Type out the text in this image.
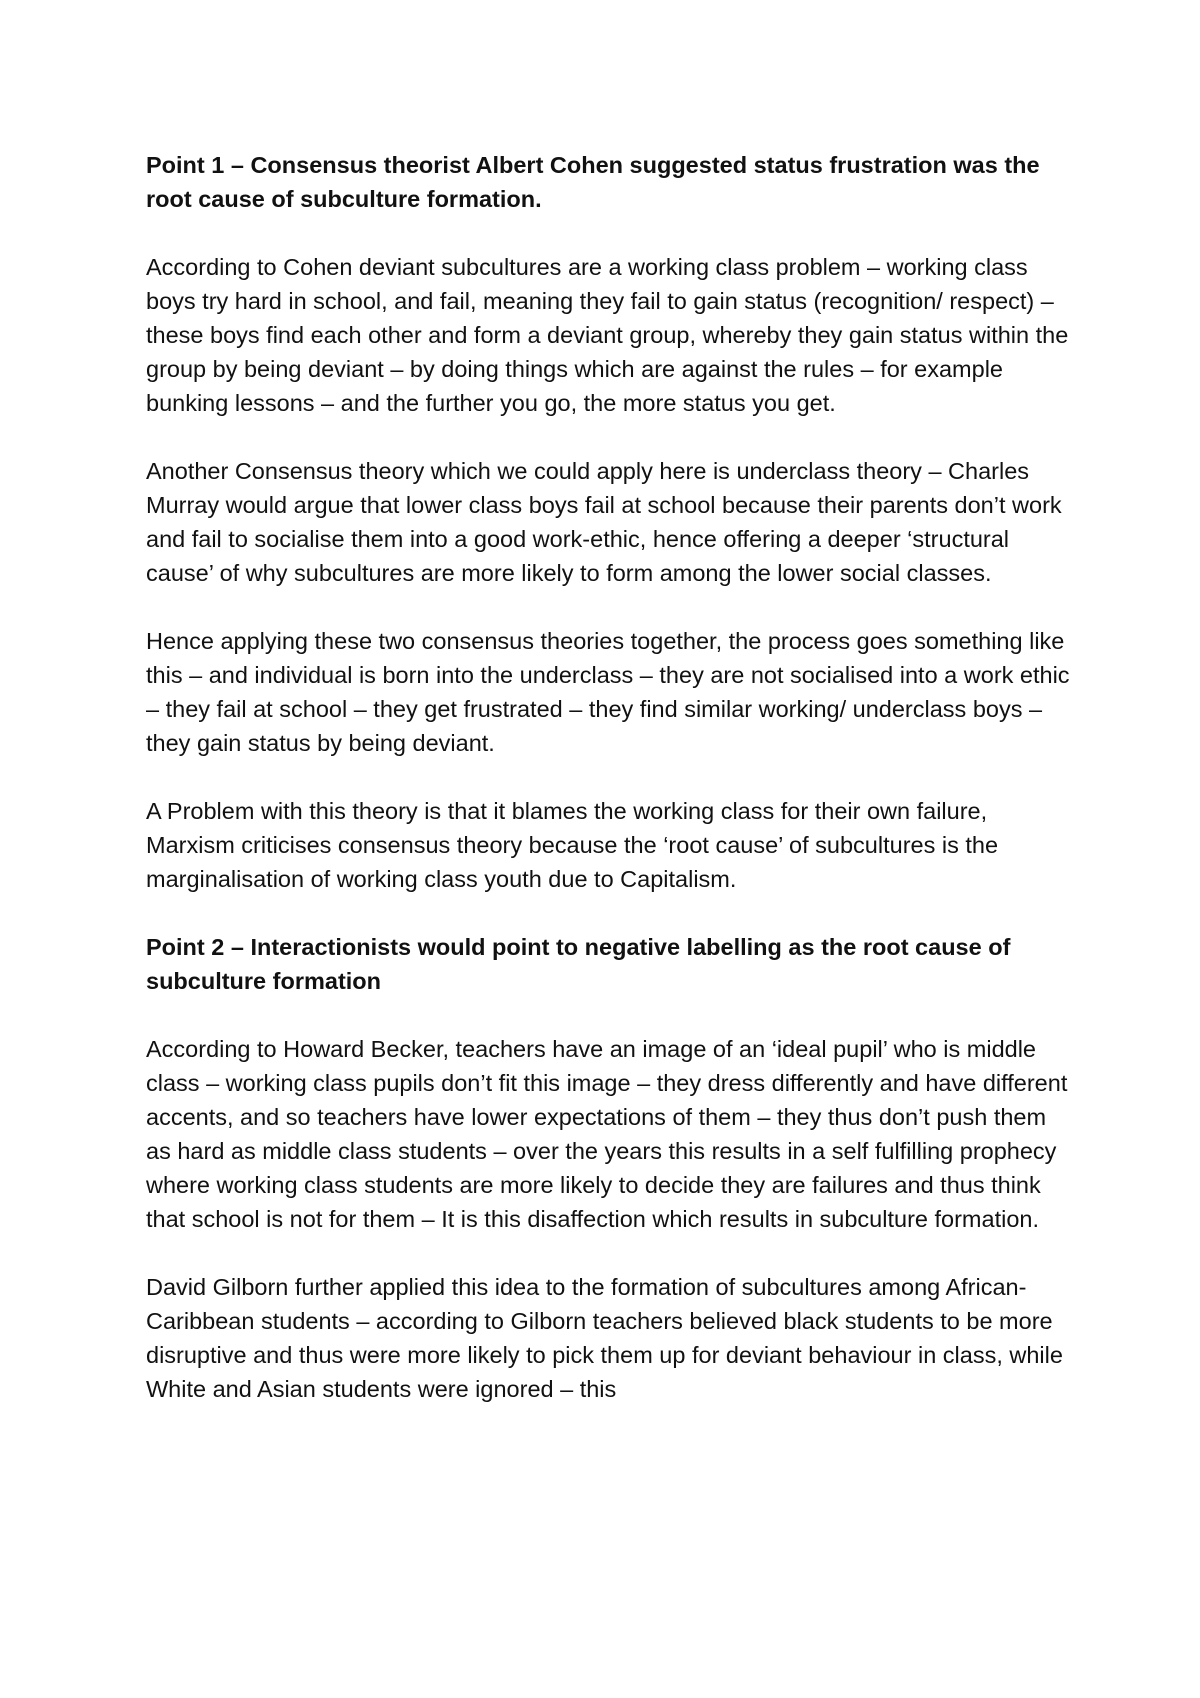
Point 1 – Consensus theorist Albert Cohen suggested status frustration was the root cause of subculture formation.

According to Cohen deviant subcultures are a working class problem – working class boys try hard in school, and fail, meaning they fail to gain status (recognition/ respect) – these boys find each other and form a deviant group, whereby they gain status within the group by being deviant – by doing things which are against the rules – for example bunking lessons – and the further you go, the more status you get.

Another Consensus theory which we could apply here is underclass theory – Charles Murray would argue that lower class boys fail at school because their parents don’t work and fail to socialise them into a good work-ethic, hence offering a deeper ‘structural cause’ of why subcultures are more likely to form among the lower social classes.

Hence applying these two consensus theories together, the process goes something like this – and individual is born into the underclass – they are not socialised into a work ethic – they fail at school – they get frustrated – they find similar working/ underclass boys – they gain status by being deviant.

A Problem with this theory is that it blames the working class for their own failure, Marxism criticises consensus theory because the ‘root cause’ of subcultures is the marginalisation of working class youth due to Capitalism.

Point 2 – Interactionists would point to negative labelling as the root cause of subculture formation

According to Howard Becker, teachers have an image of an ‘ideal pupil’ who is middle class – working class pupils don’t fit this image – they dress differently and have different accents, and so teachers have lower expectations of them – they thus don’t push them as hard as middle class students – over the years this results in a self fulfilling prophecy where working class students are more likely to decide they are failures and thus think that school is not for them – It is this disaffection which results in subculture formation.

David Gilborn further applied this idea to the formation of subcultures among African-Caribbean students – according to Gilborn teachers believed black students to be more disruptive and thus were more likely to pick them up for deviant behaviour in class, while White and Asian students were ignored – this
